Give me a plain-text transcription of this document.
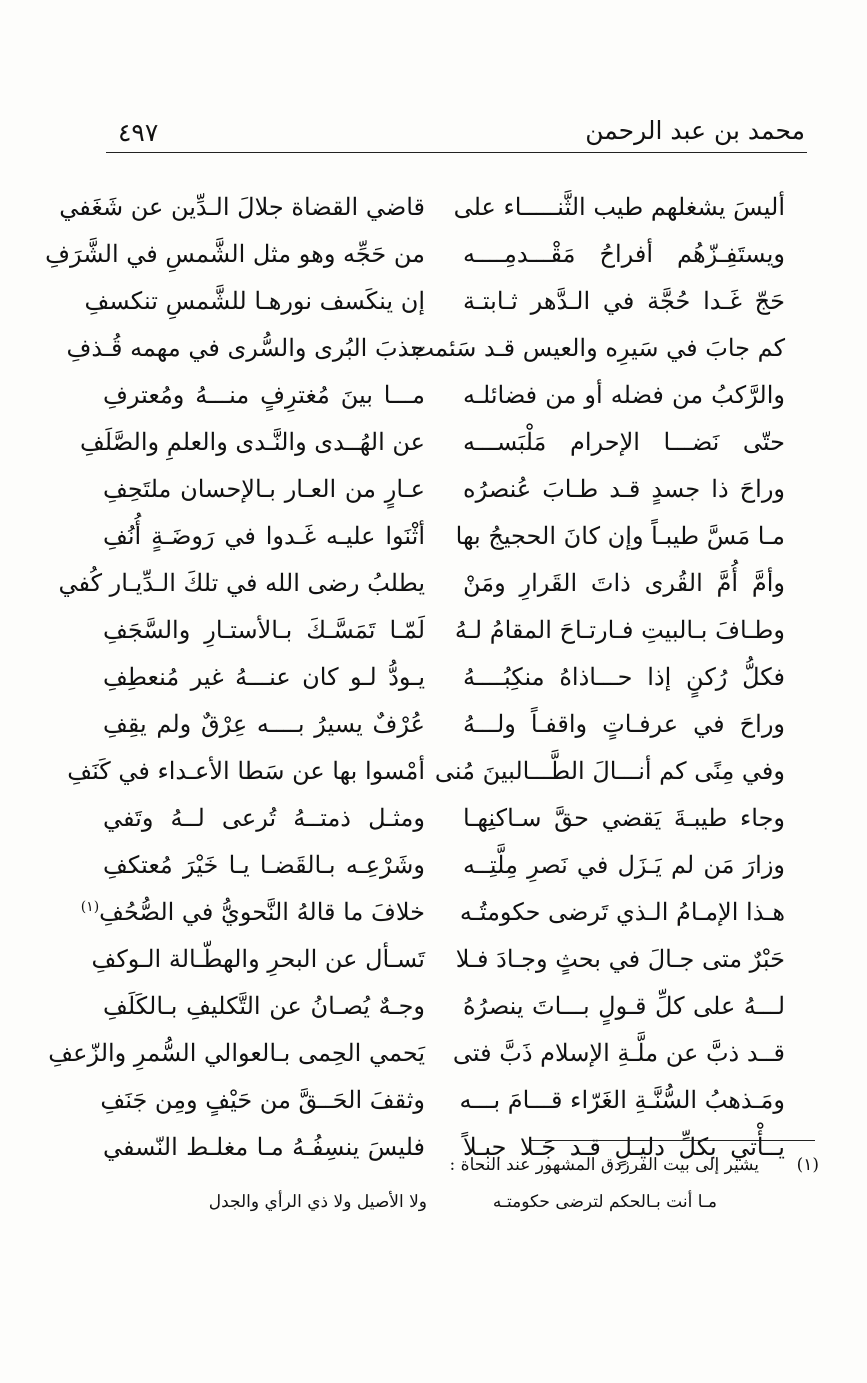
محمد بن عبد الرحمن
٤٩٧
أليسَ يشغلهم طيب الثَّنـــــاء على
قاضي القضاة جلالَ الـدِّين عن شَغَفي
ويستَفِـزّهُم أفراحُ مَقْـــدمِــــه
من حَجِّه وهو مثل الشَّمسِ في الشَّرَفِ
حَجّ غَـدا حُجَّة في الـدَّهر ثـابتـة
إن ينكَسف نورهـا للشَّمسِ تنكسفِ
كم جابَ في سَيرِه والعيس قـد سَئمت
جذبَ البُرى والسُّرى في مهمه قُـذفِ
والرَّكبُ من فضله أو من فضائلـه
مـــا بينَ مُغترِفٍ منـــهُ ومُعترفِ
حتّى نَضـــا الإحرام مَلْبَســـه
عن الهُــدى والنَّـدى والعلمِ والصَّلَفِ
وراحَ ذا جسدٍ قـد طـابَ عُنصرُه
عـارٍ من العـار بـالإحسان ملتَحِفِ
مـا مَسَّ طيبـاً وإن كانَ الحجيجُ بها
أثْنَوا عليـه غَـدوا في رَوضَـةٍ أُنُفِ
وأمَّ أُمَّ القُرى ذاتَ القَرارِ ومَنْ
يطلبُ رضى الله في تلكَ الـدِّيـار كُفي
وطـافَ بـالبيتِ فـارتـاحَ المقامُ لـهُ
لَمّـا تَمَسَّـكَ بـالأستـارِ والسَّجَفِ
فكلُّ رُكنٍ إذا حـــاذاهُ منكِبُــــهُ
يـودُّ لـو كان عنـــهُ غير مُنعطِفِ
وراحَ في عرفـاتٍ واقفـاً ولـــهُ
عُرْفٌ يسيرُ بــــه عِرْقٌ ولم يقِفِ
وفي مِنًى كم أنـــالَ الطَّـــالبينَ مُنى
أمْسوا بها عن سَطا الأعـداء في كَنَفِ
وجاء طيبـةَ يَقضي حقَّ سـاكنِهـا
ومثـل ذمتــهُ تُرعى لــهُ وتَفي
وزارَ مَن لم يَـزَل في نَصرِ مِلَّتِــه
وشَرْعِـه بـالقَضـا يـا خَيْرَ مُعتكفِ
هـذا الإمـامُ الـذي تَرضى حكومتُـه
خلافَ ما قالهُ النَّحويُّ في الصُّحُفِ$^{(١)}$
حَبْرٌ متى جـالَ في بحثٍ وجـادَ فـلا
تَسـأل عن البحرِ والهطّـالة الـوكفِ
لـــهُ على كلِّ قـولٍ بـــاتَ ينصرُهُ
وجـهٌ يُصـانُ عن التَّكليفِ بـالكَلَفِ
قــد ذبَّ عن ملَّـةِ الإسلام ذَبَّ فتى
يَحمي الحِمى بـالعوالي السُّمرِ والزّعفِ
ومَـذهبُ السُّنَّـةِ الغَرّاء قـــامَ بـــه
وثقفَ الحَــقَّ من حَيْفٍ ومِن جَنَفِ
يــأْتي بكلِّ دليـلٍ قـد جَـلا جبـلاً
فليسَ ينسِفُـهُ مـا مغلـط النّسفي
(١)يشير إلى بيت الفرزدق المشهور عند النحاة :
مـا أنت بـالحكم لترضى حكومتـه
ولا الأصيل ولا ذي الرأي والجدل
